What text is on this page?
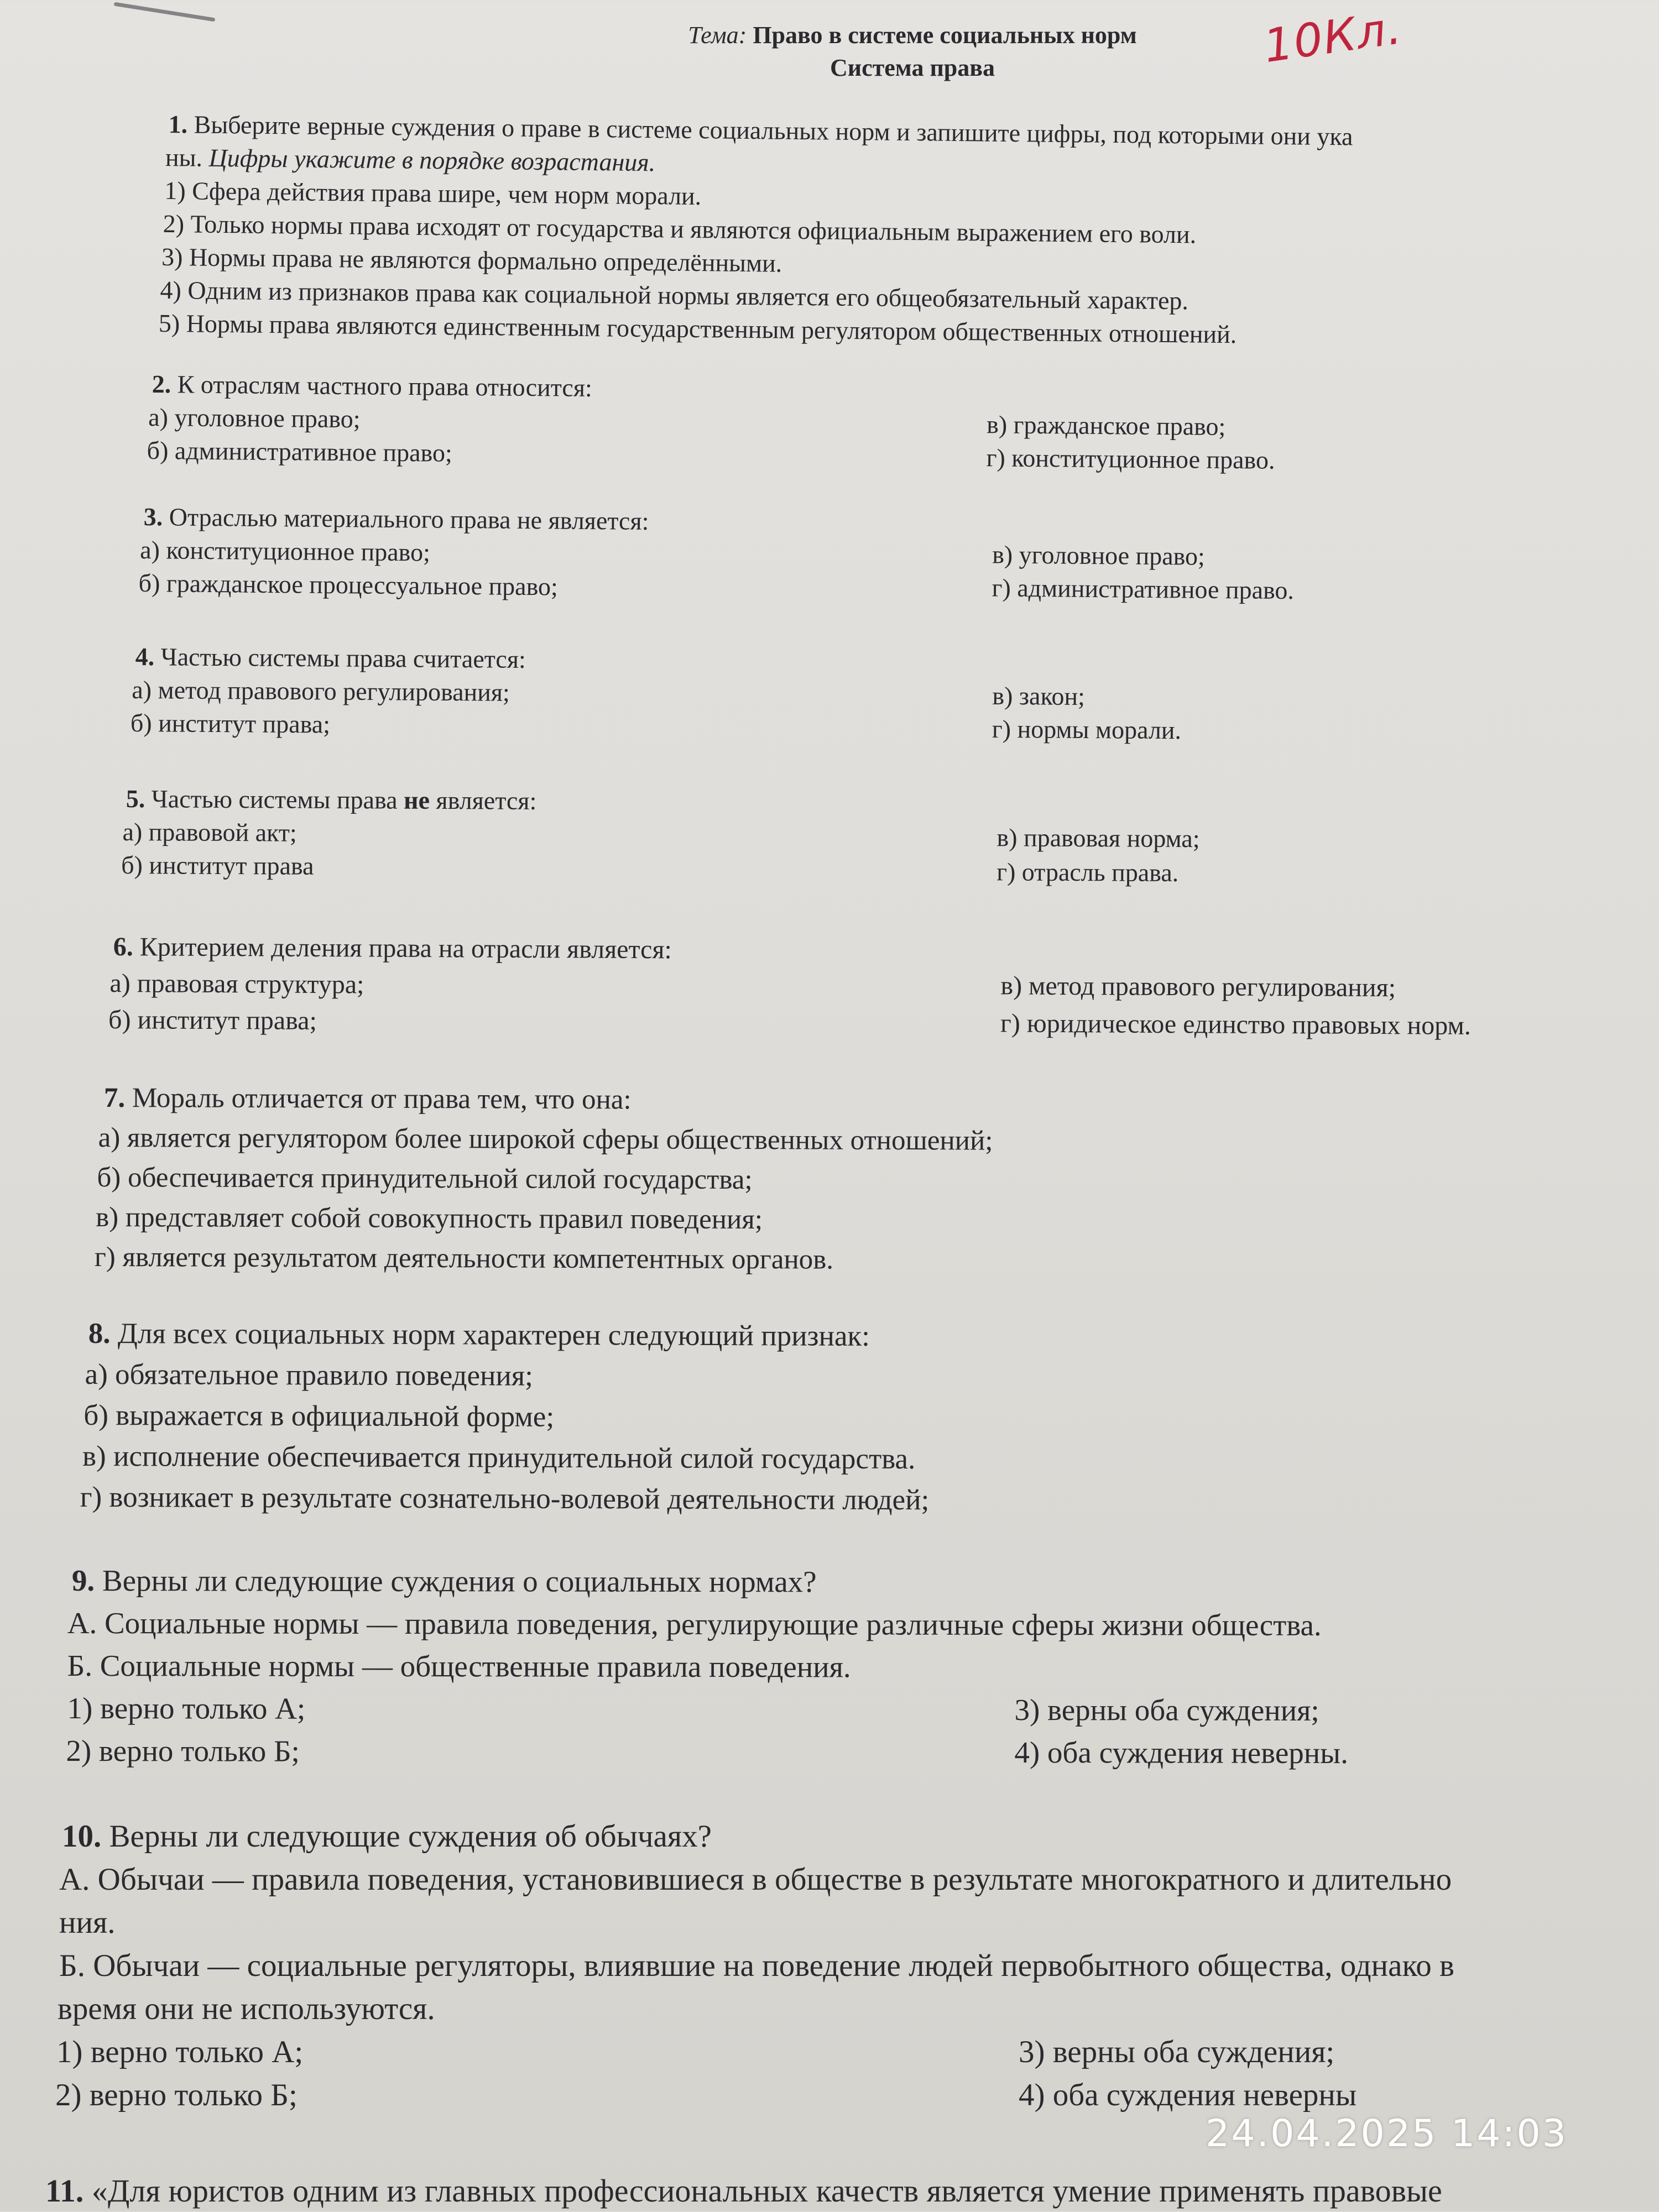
Тема: Право в системе социальных норм
Система права	10Кл.
1. Выберите верные суждения о праве в системе социальных норм и запишите цифры, под которыми они ука
ны. Цифры укажите в порядке возрастания.
1) Сфера действия права шире, чем норм морали.
2) Только нормы права исходят от государства и являются официальным выражением его воли.
3) Нормы права не являются формально определёнными.
4) Одним из признаков права как социальной нормы является его общеобязательный характер.
5) Нормы права являются единственным государственным регулятором общественных отношений.
2. К отраслям частного права относится:
а) уголовное право;
б) административное право;
в) гражданское право;
г) конституционное право.
3. Отраслью материального права не является:
а) конституционное право;
б) гражданское процессуальное право;
в) уголовное право;
г) административное право.
4. Частью системы права считается:
а) метод правового регулирования;
б) институт права;
в) закон;
г) нормы морали.
5. Частью системы права не является:
а) правовой акт;
б) институт права
в) правовая норма;
г) отрасль права.
6. Критерием деления права на отрасли является:
а) правовая структура;
б) институт права;
в) метод правового регулирования;
г) юридическое единство правовых норм.
7. Мораль отличается от права тем, что она:
а) является регулятором более широкой сферы общественных отношений;
б) обеспечивается принудительной силой государства;
в) представляет собой совокупность правил поведения;
г) является результатом деятельности компетентных органов.
8. Для всех социальных норм характерен следующий признак:
а) обязательное правило поведения;
б) выражается в официальной форме;
в) исполнение обеспечивается принудительной силой государства.
г) возникает в результате сознательно-волевой деятельности людей;
9. Верны ли следующие суждения о социальных нормах?
А. Социальные нормы — правила поведения, регулирующие различные сферы жизни общества.
Б. Социальные нормы — общественные правила поведения.
1) верно только А;
2) верно только Б;
3) верны оба суждения;
4) оба суждения неверны.
10. Верны ли следующие суждения об обычаях?
А. Обычаи — правила поведения, установившиеся в обществе в результате многократного и длительно
ния.
Б. Обычаи — социальные регуляторы, влиявшие на поведение людей первобытного общества, однако в
время они не используются.
1) верно только А;
2) верно только Б;
3) верны оба суждения;
4) оба суждения неверны
11. «Для юристов одним из главных профессиональных качеств является умение применять правовые
24.04.2025 14:03
